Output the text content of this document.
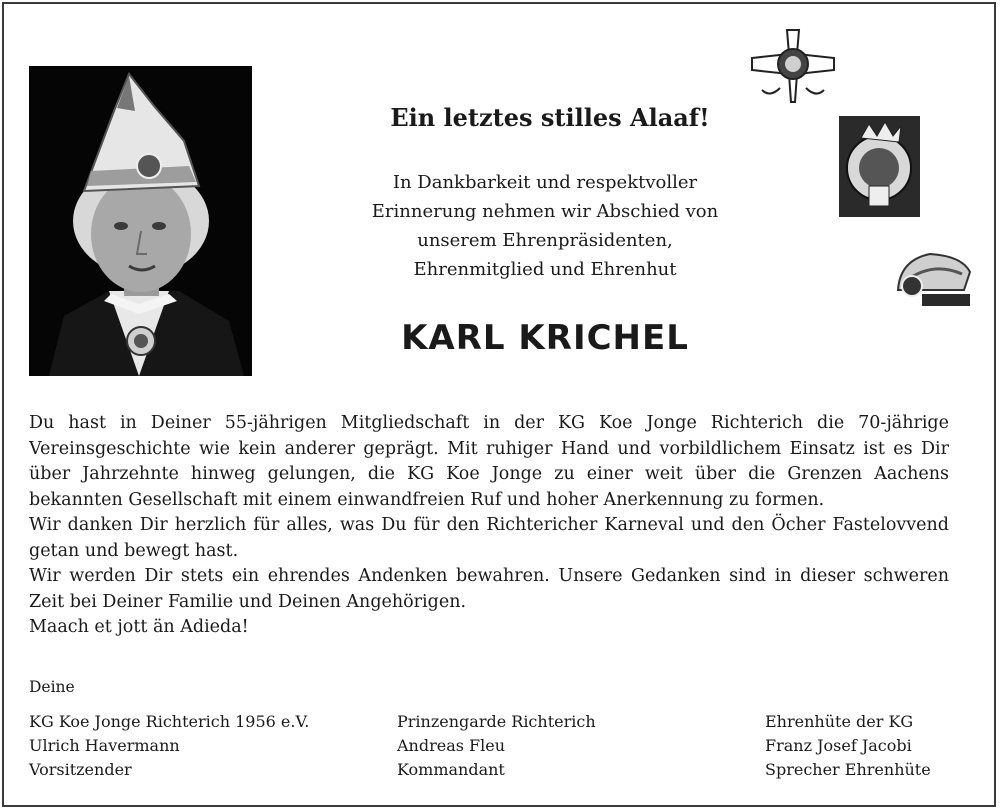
Ein letztes stilles Alaaf!
In Dankbarkeit und respektvoller
Erinnerung nehmen wir Abschied von
unserem Ehrenpräsidenten,
Ehrenmitglied und Ehrenhut
KARL KRICHEL

Du hast in Deiner 55-jährigen Mitgliedschaft in der KG Koe Jonge Richterich die 70-jährige Vereinsgeschichte wie kein anderer geprägt. Mit ruhiger Hand und vorbildlichem Einsatz ist es Dir über Jahrzehnte hinweg gelungen, die KG Koe Jonge zu einer weit über die Grenzen Aachens bekannten Gesellschaft mit einem einwandfreien Ruf und hoher Anerkennung zu formen.

Wir danken Dir herzlich für alles, was Du für den Richtericher Karneval und den Öcher Fastelovvend getan und bewegt hast.

Wir werden Dir stets ein ehrendes Andenken bewahren. Unsere Gedanken sind in dieser schweren Zeit bei Deiner Familie und Deinen Angehörigen.

Maach et jott än Adieda!

Deine
KG Koe Jonge Richterich 1956 e.V.
Ulrich Havermann
Vorsitzender
Prinzengarde Richterich
Andreas Fleu
Kommandant
Ehrenhüte der KG
Franz Josef Jacobi
Sprecher Ehrenhüte
